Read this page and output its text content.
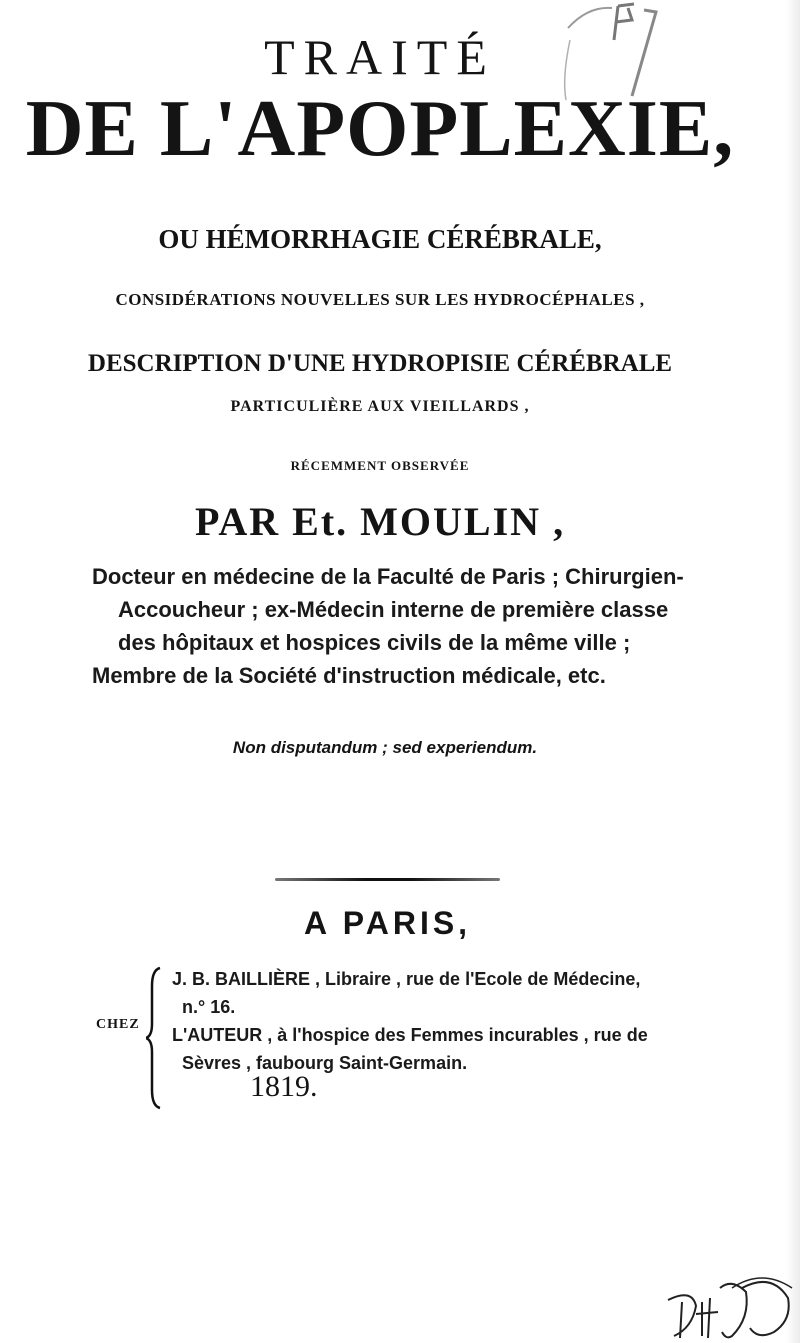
TRAITÉ
DE L'APOPLEXIE,
OU HÉMORRHAGIE CÉRÉBRALE,
CONSIDÉRATIONS NOUVELLES SUR LES HYDROCÉPHALES ,
DESCRIPTION D'UNE HYDROPISIE CÉRÉBRALE
PARTICULIÈRE AUX VIEILLARDS ,
RÉCEMMENT OBSERVÉE
PAR Et. MOULIN ,
Docteur en médecine de la Faculté de Paris ; Chirurgien-
Accoucheur ; ex-Médecin interne de première classe
des hôpitaux et hospices civils de la même ville ;
Membre de la Société d'instruction médicale, etc.
Non disputandum ; sed experiendum.
A PARIS,
CHEZ
J. B. BAILLIÈRE , Libraire , rue de l'Ecole de Médecine,
n.° 16.
L'AUTEUR , à l'hospice des Femmes incurables , rue de
Sèvres , faubourg Saint-Germain.
1819.
